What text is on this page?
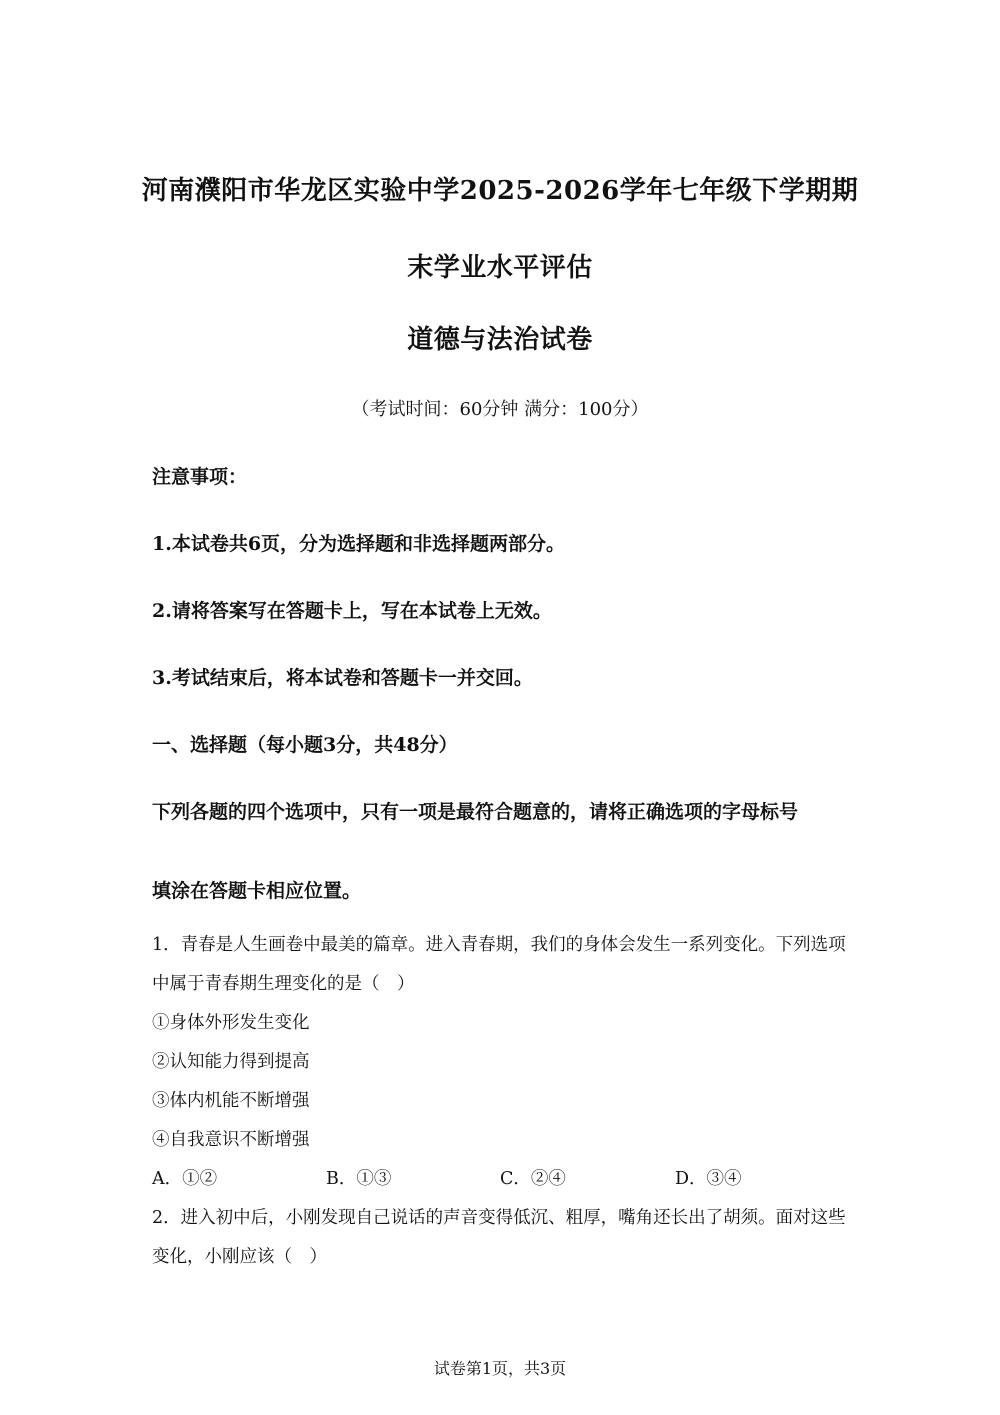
河南濮阳市华龙区实验中学2025-2026学年七年级下学期期
末学业水平评估
道德与法治试卷
（考试时间：60分钟 满分：100分）
注意事项：
1.本试卷共6页，分为选择题和非选择题两部分。
2.请将答案写在答题卡上，写在本试卷上无效。
3.考试结束后，将本试卷和答题卡一并交回。
一、选择题（每小题3分，共48分）
下列各题的四个选项中，只有一项是最符合题意的，请将正确选项的字母标号
填涂在答题卡相应位置。
1．青春是人生画卷中最美的篇章。进入青春期，我们的身体会发生一系列变化。下列选项
中属于青春期生理变化的是（　）
①身体外形发生变化
②认知能力得到提高
③体内机能不断增强
④自我意识不断增强
A．①②	B．①③	C．②④	D．③④
2．进入初中后，小刚发现自己说话的声音变得低沉、粗厚，嘴角还长出了胡须。面对这些
变化，小刚应该（　）
试卷第1页，共3页
